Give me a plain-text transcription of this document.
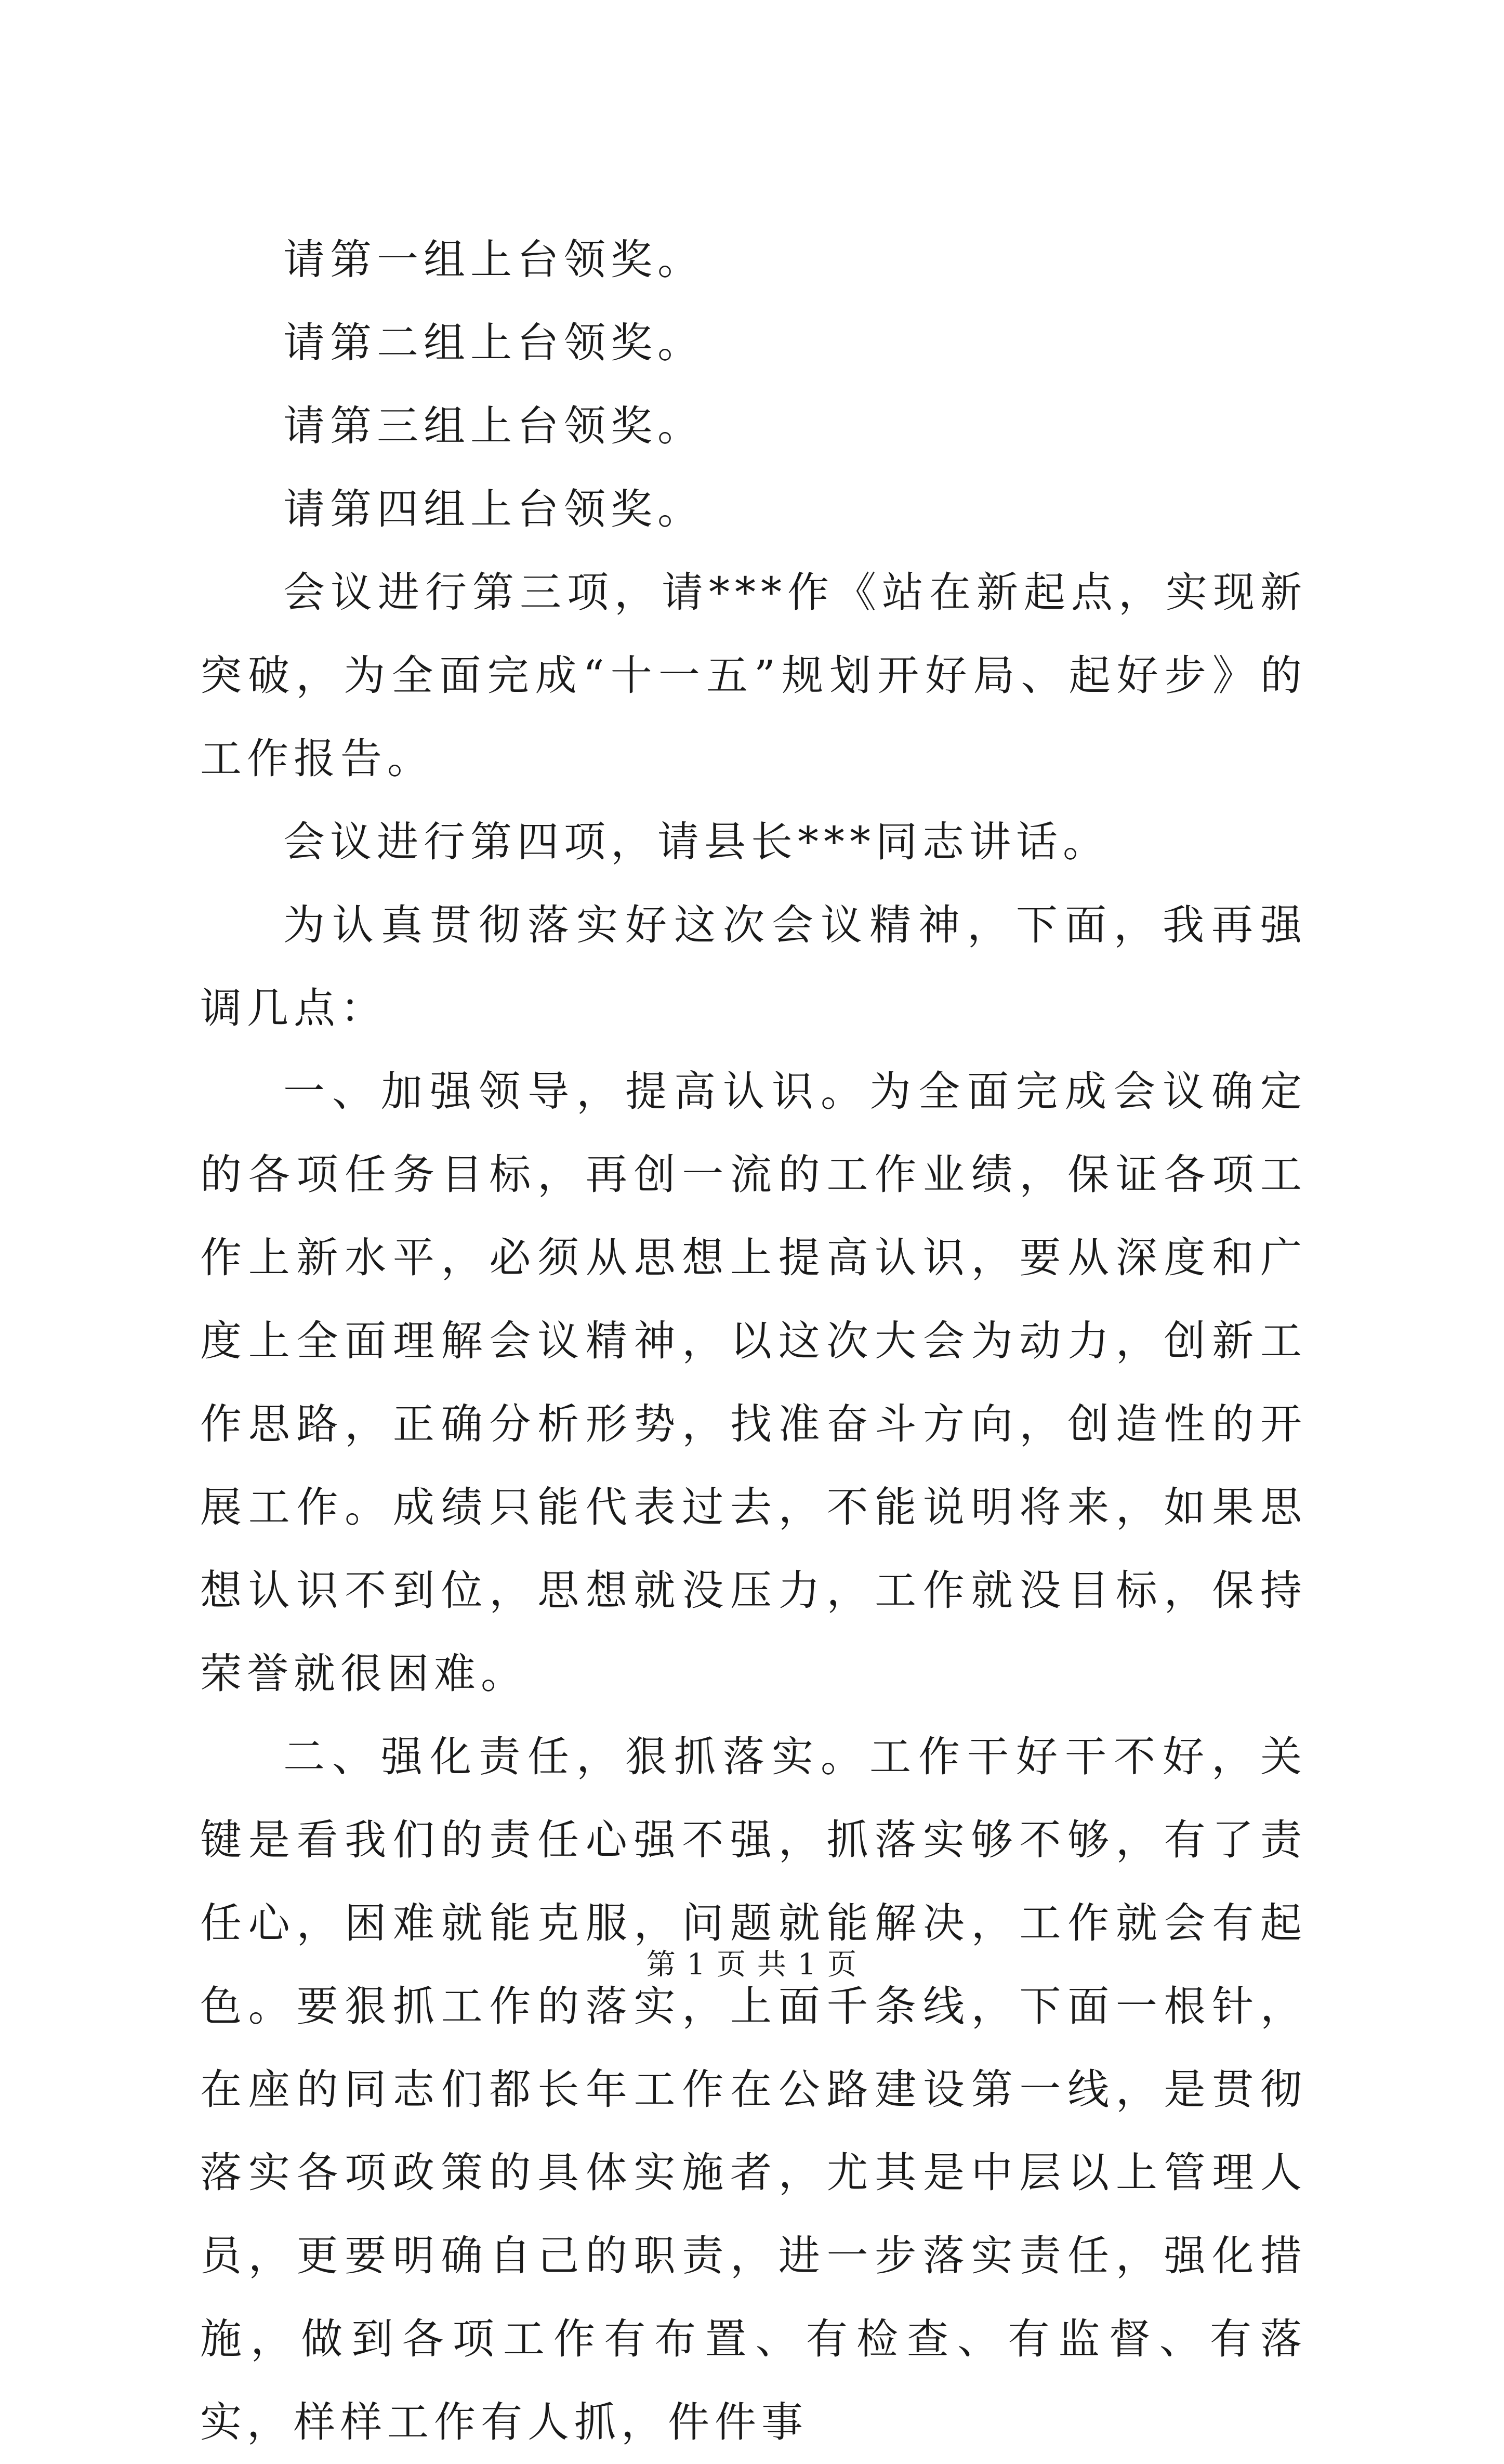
请第一组上台领奖。

请第二组上台领奖。

请第三组上台领奖。

请第四组上台领奖。

会议进行第三项，请***作《站在新起点，实现新突破，为全面完成“十一五”规划开好局、起好步》的工作报告。

会议进行第四项，请县长***同志讲话。

为认真贯彻落实好这次会议精神，下面，我再强调几点：

一、加强领导，提高认识。为全面完成会议确定的各项任务目标，再创一流的工作业绩，保证各项工作上新水平，必须从思想上提高认识，要从深度和广度上全面理解会议精神，以这次大会为动力，创新工作思路，正确分析形势，找准奋斗方向，创造性的开展工作。成绩只能代表过去，不能说明将来，如果思想认识不到位，思想就没压力，工作就没目标，保持荣誉就很困难。

二、强化责任，狠抓落实。工作干好干不好，关键是看我们的责任心强不强，抓落实够不够，有了责任心，困难就能克服，问题就能解决，工作就会有起色。要狠抓工作的落实，上面千条线，下面一根针，在座的同志们都长年工作在公路建设第一线，是贯彻落实各项政策的具体实施者，尤其是中层以上管理人员，更要明确自己的职责，进一步落实责任，强化措施，做到各项工作有布置、有检查、有监督、有落实，样样工作有人抓，件件事

第 1 页 共 1 页
